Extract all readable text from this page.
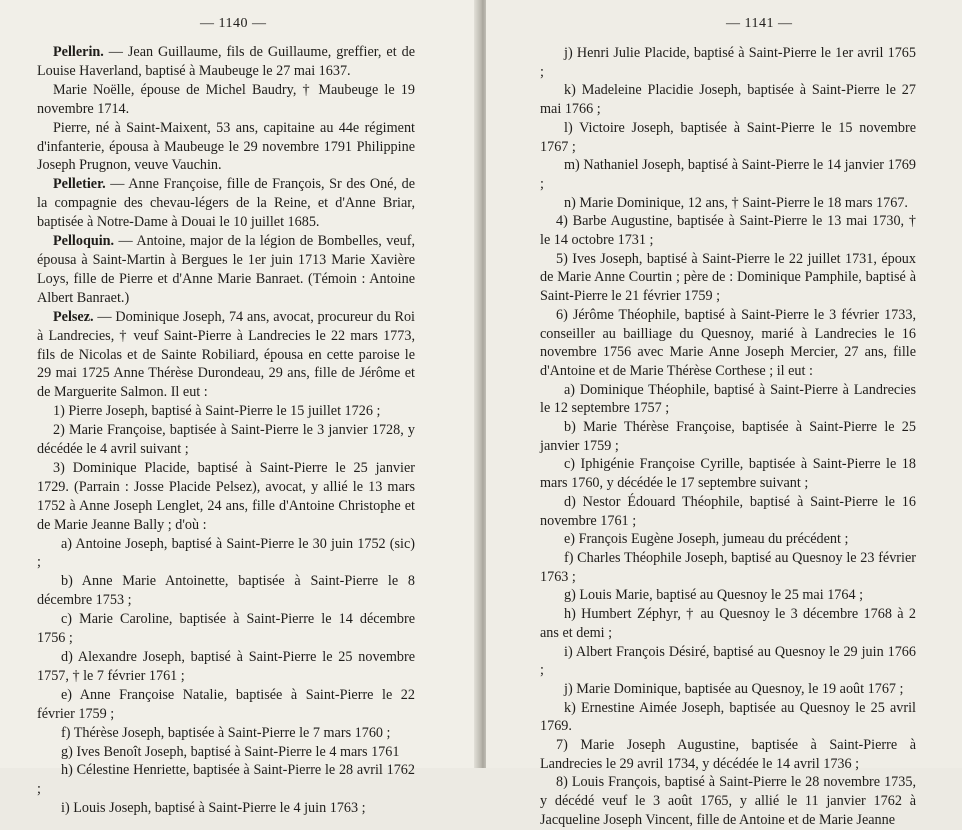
— 1140 —

Pellerin. — Jean Guillaume, fils de Guillaume, greffier, et de Louise Haverland, baptisé à Maubeuge le 27 mai 1637.

Marie Noëlle, épouse de Michel Baudry, † Maubeuge le 19 novembre 1714.

Pierre, né à Saint-Maixent, 53 ans, capitaine au 44e régiment d'infanterie, épousa à Maubeuge le 29 novembre 1791 Philippine Joseph Prugnon, veuve Vauchin.

Pelletier. — Anne Françoise, fille de François, Sr des Oné, de la compagnie des chevau-légers de la Reine, et d'Anne Briar, baptisée à Notre-Dame à Douai le 10 juillet 1685.

Pelloquin. — Antoine, major de la légion de Bombelles, veuf, épousa à Saint-Martin à Bergues le 1er juin 1713 Marie Xavière Loys, fille de Pierre et d'Anne Marie Banraet. (Témoin : Antoine Albert Banraet.)

Pelsez. — Dominique Joseph, 74 ans, avocat, procureur du Roi à Landrecies, † veuf Saint-Pierre à Landrecies le 22 mars 1773, fils de Nicolas et de Sainte Robiliard, épousa en cette paroise le 29 mai 1725 Anne Thérèse Durondeau, 29 ans, fille de Jérôme et de Marguerite Salmon. Il eut :

1) Pierre Joseph, baptisé à Saint-Pierre le 15 juillet 1726 ;

2) Marie Françoise, baptisée à Saint-Pierre le 3 janvier 1728, y décédée le 4 avril suivant ;

3) Dominique Placide, baptisé à Saint-Pierre le 25 janvier 1729. (Parrain : Josse Placide Pelsez), avocat, y allié le 13 mars 1752 à Anne Joseph Lenglet, 24 ans, fille d'Antoine Christophe et de Marie Jeanne Bally ; d'où :

a) Antoine Joseph, baptisé à Saint-Pierre le 30 juin 1752 (sic) ;

b) Anne Marie Antoinette, baptisée à Saint-Pierre le 8 décembre 1753 ;

c) Marie Caroline, baptisée à Saint-Pierre le 14 décembre 1756 ;

d) Alexandre Joseph, baptisé à Saint-Pierre le 25 novembre 1757, † le 7 février 1761 ;

e) Anne Françoise Natalie, baptisée à Saint-Pierre le 22 février 1759 ;

f) Thérèse Joseph, baptisée à Saint-Pierre le 7 mars 1760 ;

g) Ives Benoît Joseph, baptisé à Saint-Pierre le 4 mars 1761

h) Célestine Henriette, baptisée à Saint-Pierre le 28 avril 1762 ;

i) Louis Joseph, baptisé à Saint-Pierre le 4 juin 1763 ;

— 1141 —

j) Henri Julie Placide, baptisé à Saint-Pierre le 1er avril 1765 ;

k) Madeleine Placidie Joseph, baptisée à Saint-Pierre le 27 mai 1766 ;

l) Victoire Joseph, baptisée à Saint-Pierre le 15 novembre 1767 ;

m) Nathaniel Joseph, baptisé à Saint-Pierre le 14 janvier 1769 ;

n) Marie Dominique, 12 ans, † Saint-Pierre le 18 mars 1767.

4) Barbe Augustine, baptisée à Saint-Pierre le 13 mai 1730, † le 14 octobre 1731 ;

5) Ives Joseph, baptisé à Saint-Pierre le 22 juillet 1731, époux de Marie Anne Courtin ; père de : Dominique Pamphile, baptisé à Saint-Pierre le 21 février 1759 ;

6) Jérôme Théophile, baptisé à Saint-Pierre le 3 février 1733, conseiller au bailliage du Quesnoy, marié à Landrecies le 16 novembre 1756 avec Marie Anne Joseph Mercier, 27 ans, fille d'Antoine et de Marie Thérèse Corthese ; il eut :

a) Dominique Théophile, baptisé à Saint-Pierre à Landrecies le 12 septembre 1757 ;

b) Marie Thérèse Françoise, baptisée à Saint-Pierre le 25 janvier 1759 ;

c) Iphigénie Françoise Cyrille, baptisée à Saint-Pierre le 18 mars 1760, y décédée le 17 septembre suivant ;

d) Nestor Édouard Théophile, baptisé à Saint-Pierre le 16 novembre 1761 ;

e) François Eugène Joseph, jumeau du précédent ;

f) Charles Théophile Joseph, baptisé au Quesnoy le 23 février 1763 ;

g) Louis Marie, baptisé au Quesnoy le 25 mai 1764 ;

h) Humbert Zéphyr, † au Quesnoy le 3 décembre 1768 à 2 ans et demi ;

i) Albert François Désiré, baptisé au Quesnoy le 29 juin 1766 ;

j) Marie Dominique, baptisée au Quesnoy, le 19 août 1767 ;

k) Ernestine Aimée Joseph, baptisée au Quesnoy le 25 avril 1769.

7) Marie Joseph Augustine, baptisée à Saint-Pierre à Landrecies le 29 avril 1734, y décédée le 14 avril 1736 ;

8) Louis François, baptisé à Saint-Pierre le 28 novembre 1735, y décédé veuf le 3 août 1765, y allié le 11 janvier 1762 à Jacqueline Joseph Vincent, fille de Antoine et de Marie Jeanne
